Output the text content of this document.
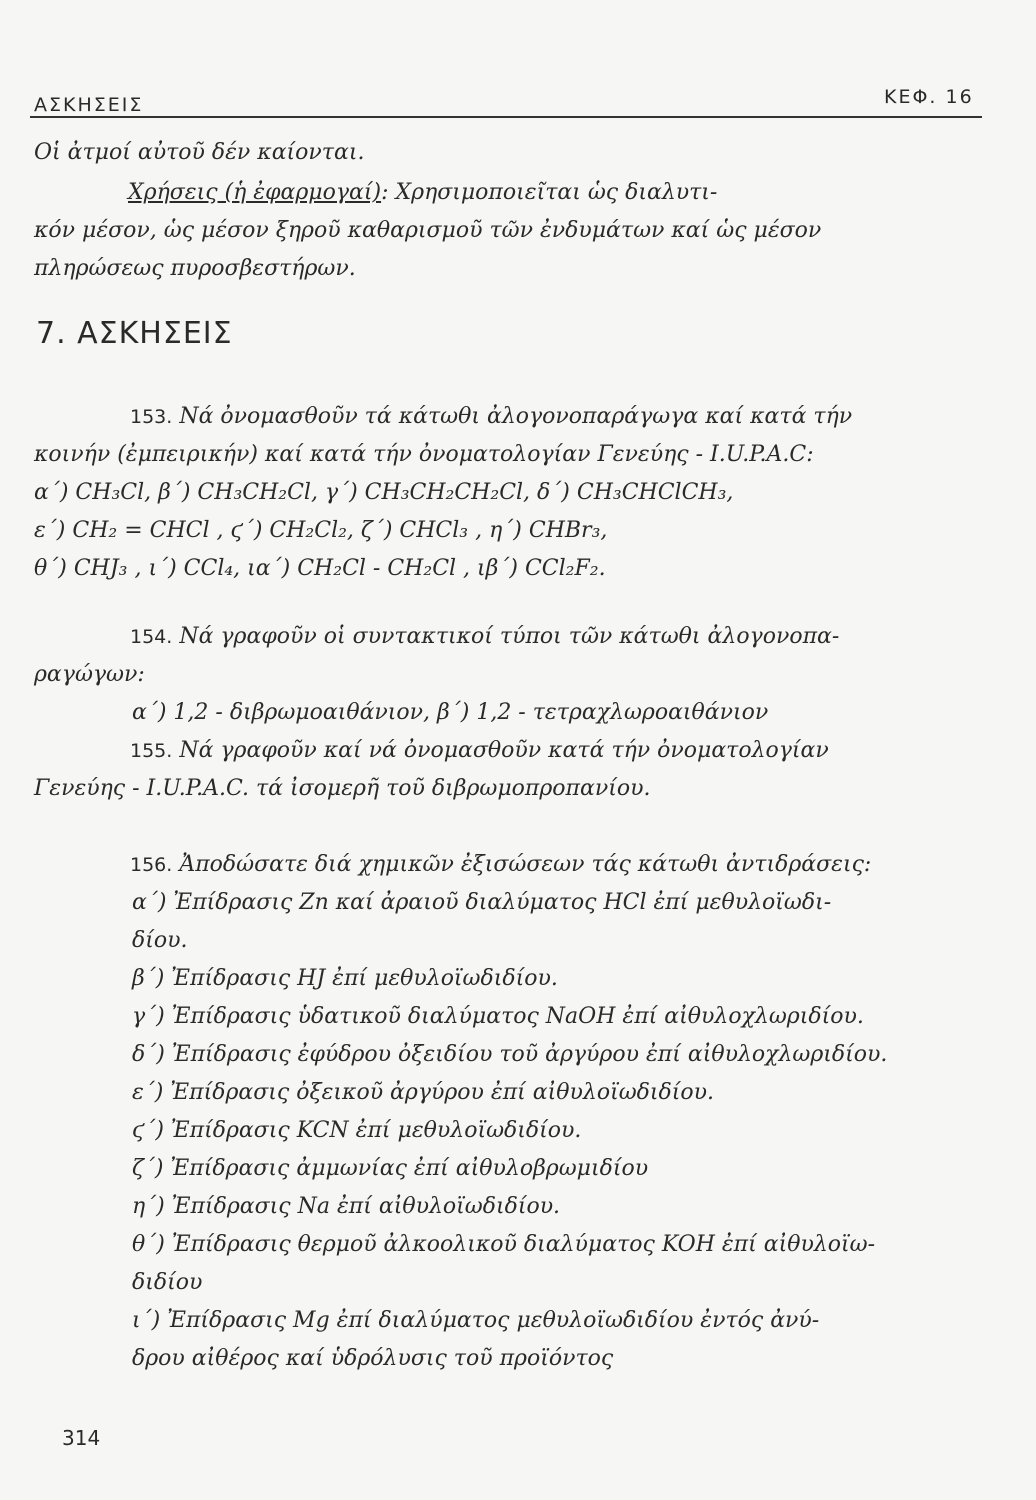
ΑΣΚΗΣΕΙΣ	ΚΕΦ. 16
Οἱ ἀτμοί αὐτοῦ δέν καίονται.
Χρήσεις (ἡ ἐφαρμογαί): Χρησιμοποιεῖται ὡς διαλυτι-
κόν μέσον, ὡς μέσον ξηροῦ καθαρισμοῦ τῶν ἐνδυμάτων καί ὡς μέσον
πληρώσεως πυροσβεστήρων.
7. ΑΣΚΗΣΕΙΣ
153. Νά ὀνομασθοῦν τά κάτωθι ἀλογονοπαράγωγα καί κατά τήν
κοινήν (ἐμπειρικήν) καί κατά τήν ὀνοματολογίαν Γενεύης - I.U.P.A.C:
α΄) CH₃Cl, β΄) CH₃CH₂Cl, γ΄) CH₃CH₂CH₂Cl, δ΄) CH₃CHClCH₃,
ε΄) CH₂ = CHCl , ϛ΄) CH₂Cl₂, ζ΄) CHCl₃ , η΄) CHBr₃,
θ΄) CHJ₃ , ι΄) CCl₄, ια΄) CH₂Cl - CH₂Cl , ιβ΄) CCl₂F₂.
154. Νά γραφοῦν οἱ συντακτικοί τύποι τῶν κάτωθι ἀλογονοπα-
ραγώγων:
α΄) 1,2 - διβρωμοαιθάνιον, β΄) 1,2 - τετραχλωροαιθάνιον
155. Νά γραφοῦν καί νά ὀνομασθοῦν κατά τήν ὀνοματολογίαν
Γενεύης - I.U.P.A.C. τά ἰσομερῆ τοῦ διβρωμοπροπανίου.
156. Ἀποδώσατε διά χημικῶν ἐξισώσεων τάς κάτωθι ἀντιδράσεις:
α΄) Ἐπίδρασις Zn καί ἀραιοῦ διαλύματος HCl ἐπί μεθυλοϊωδι-
δίου.
β΄) Ἐπίδρασις HJ ἐπί μεθυλοϊωδιδίου.
γ΄) Ἐπίδρασις ὑδατικοῦ διαλύματος NaOH ἐπί αἰθυλοχλωριδίου.
δ΄) Ἐπίδρασις ἐφύδρου ὀξειδίου τοῦ ἀργύρου ἐπί αἰθυλοχλωριδίου.
ε΄) Ἐπίδρασις ὀξεικοῦ ἀργύρου ἐπί αἰθυλοϊωδιδίου.
ϛ΄) Ἐπίδρασις KCN ἐπί μεθυλοϊωδιδίου.
ζ΄) Ἐπίδρασις ἀμμωνίας ἐπί αἰθυλοβρωμιδίου
η΄) Ἐπίδρασις Na ἐπί αἰθυλοϊωδιδίου.
θ΄) Ἐπίδρασις θερμοῦ ἀλκοολικοῦ διαλύματος KOH ἐπί αἰθυλοϊω-
διδίου
ι΄) Ἐπίδρασις Mg ἐπί διαλύματος μεθυλοϊωδιδίου ἐντός ἀνύ-
δρου αἰθέρος καί ὑδρόλυσις τοῦ προϊόντος
314
